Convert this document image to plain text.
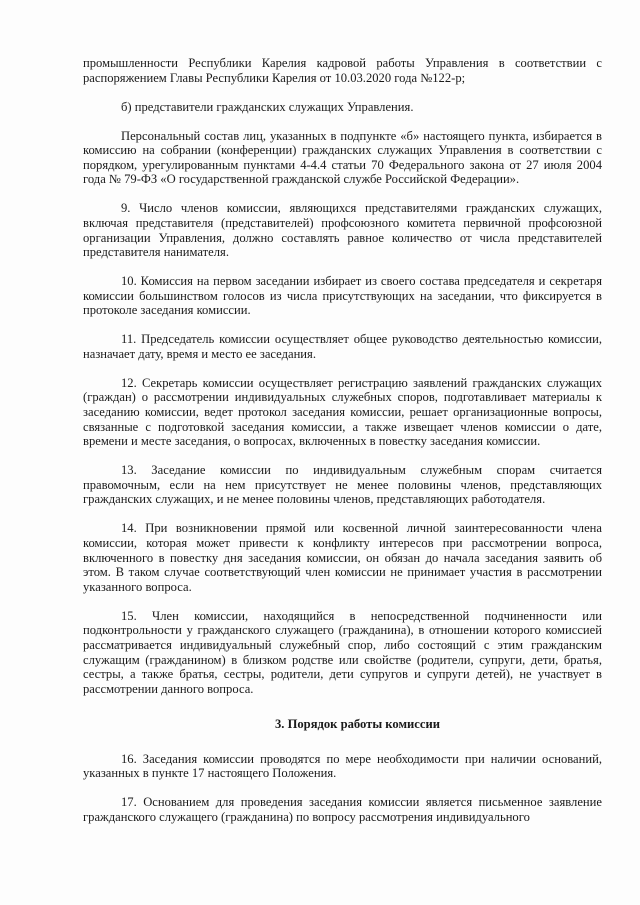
промышленности Республики Карелия кадровой работы Управления в соответствии с распоряжением Главы Республики Карелия от 10.03.2020 года №122-р;

б) представители гражданских служащих Управления.

Персональный состав лиц, указанных в подпункте «б» настоящего пункта, избирается в комиссию на собрании (конференции) гражданских служащих Управления в соответствии с порядком, урегулированным пунктами 4-4.4 статьи 70 Федерального закона от 27 июля 2004 года № 79-ФЗ «О государственной гражданской службе Российской Федерации».

9. Число членов комиссии, являющихся представителями гражданских служащих, включая представителя (представителей) профсоюзного комитета первичной профсоюзной организации Управления, должно составлять равное количество от числа представителей представителя нанимателя.

10. Комиссия на первом заседании избирает из своего состава председателя и секретаря комиссии большинством голосов из числа присутствующих на заседании, что фиксируется в протоколе заседания комиссии.

11. Председатель комиссии осуществляет общее руководство деятельностью комиссии, назначает дату, время и место ее заседания.

12. Секретарь комиссии осуществляет регистрацию заявлений гражданских служащих (граждан) о рассмотрении индивидуальных служебных споров, подготавливает материалы к заседанию комиссии, ведет протокол заседания комиссии, решает организационные вопросы, связанные с подготовкой заседания комиссии, а также извещает членов комиссии о дате, времени и месте заседания, о вопросах, включенных в повестку заседания комиссии.

13. Заседание комиссии по индивидуальным служебным спорам считается правомочным, если на нем присутствует не менее половины членов, представляющих гражданских служащих, и не менее половины членов, представляющих работодателя.

14. При возникновении прямой или косвенной личной заинтересованности члена комиссии, которая может привести к конфликту интересов при рассмотрении вопроса, включенного в повестку дня заседания комиссии, он обязан до начала заседания заявить об этом. В таком случае соответствующий член комиссии не принимает участия в рассмотрении указанного вопроса.

15. Член комиссии, находящийся в непосредственной подчиненности или подконтрольности у гражданского служащего (гражданина), в отношении которого комиссией рассматривается индивидуальный служебный спор, либо состоящий с этим гражданским служащим (гражданином) в близком родстве или свойстве (родители, супруги, дети, братья, сестры, а также братья, сестры, родители, дети супругов и супруги детей), не участвует в рассмотрении данного вопроса.

3. Порядок работы комиссии

16. Заседания комиссии проводятся по мере необходимости при наличии оснований, указанных в пункте 17 настоящего Положения.

17. Основанием для проведения заседания комиссии является письменное заявление гражданского служащего (гражданина) по вопросу рассмотрения индивидуального
